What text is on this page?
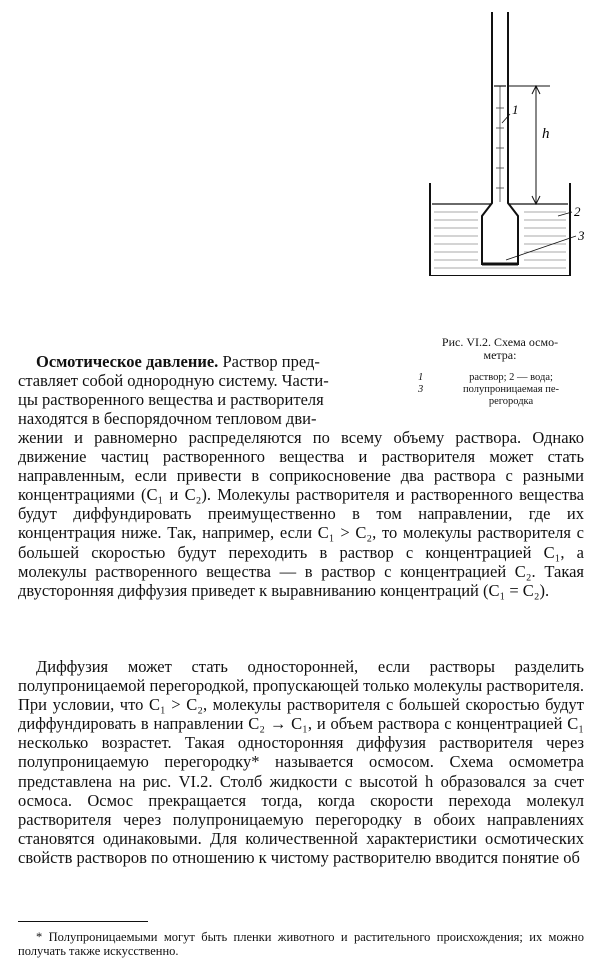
1
h
2
3
Рис. VI.2. Схема осмо-
метра:
1	раствор; 2 — вода;
3	полупроницаемая пе-
регородка
Осмотическое давление. Раствор пред-
ставляет собой однородную систему. Части-
цы растворенного вещества и растворителя
находятся в беспорядочном тепловом дви-

жении и равномерно распределяются по всему объему раствора. Однако движение частиц растворенного вещества и растворителя может стать направленным, если привести в соприкосновение два раствора с разными концентрациями (C₁ и C₂). Молекулы растворителя и растворенного вещества будут диффундировать преимущественно в том направлении, где их концентрация ниже. Так, например, если C₁ > C₂, то молекулы растворителя с большей скоростью будут переходить в раствор с концентрацией C₁, а молекулы растворенного вещества — в раствор с концентрацией C₂. Такая двусторонняя диффузия приведет к выравниванию концентраций (C₁ = C₂).

Диффузия может стать односторонней, если растворы разделить полупроницаемой перегородкой, пропускающей только молекулы растворителя. При условии, что C₁ > C₂, молекулы растворителя с большей скоростью будут диффундировать в направлении C₂ → C₁, и объем раствора с концентрацией C₁ несколько возрастет. Такая односторонняя диффузия растворителя через полупроницаемую перегородку* называется осмосом. Схема осмометра представлена на рис. VI.2. Столб жидкости с высотой h образовался за счет осмоса. Осмос прекращается тогда, когда скорости перехода молекул растворителя через полупроницаемую перегородку в обоих направлениях становятся одинаковыми. Для количественной характеристики осмотических свойств растворов по отношению к чистому растворителю вводится понятие об

* Полупроницаемыми могут быть пленки животного и растительного происхождения; их можно получать также искусственно.
